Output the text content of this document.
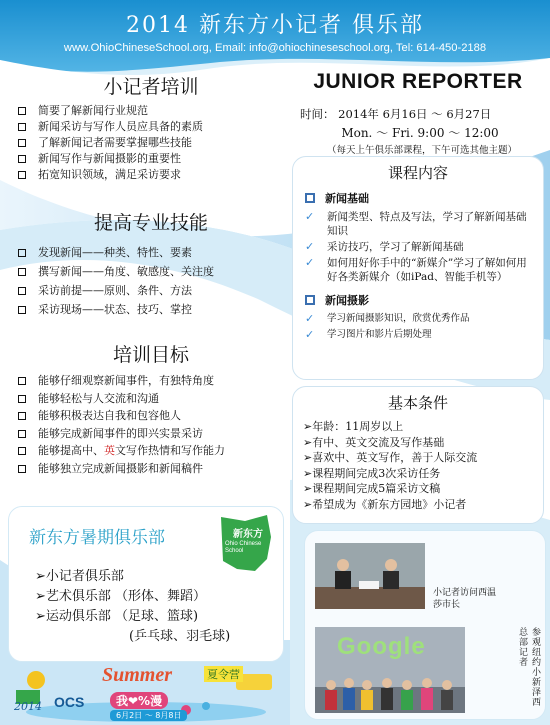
2014 新东方小记者 俱乐部
www.OhioChineseSchool.org, Email: info@ohiochineseschool.org, Tel: 614-450-2188
小记者培训
简要了解新闻行业规范
新闻采访与写作人员应具备的素质
了解新闻记者需要掌握哪些技能
新闻写作与新闻摄影的重要性
拓宽知识领域，满足采访要求
提高专业技能
发现新闻——种类、特性、要素
撰写新闻——角度、敏感度、关注度
采访前提——原则、条件、方法
采访现场——状态、技巧、掌控
培训目标
能够仔细观察新闻事件，有独特角度
能够轻松与人交流和沟通
能够积极表达自我和包容他人
能够完成新闻事件的即兴实景采访
能够提高中、英文写作热情和写作能力
能够独立完成新闻摄影和新闻稿件
JUNIOR REPORTER
时间： 2014年 6月16日 ～ 6月27日
Mon. ～ Fri. 9:00 ～ 12:00
（每天上午俱乐部课程，下午可选其他主题）
课程内容
新闻基础
✓	新闻类型、特点及写法，学习了解新闻基础知识
✓	采访技巧，学习了解新闻基础
✓	如何用好你手中的“新媒介”学习了解如何用好各类新媒介（如iPad、智能手机等）
新闻摄影
✓	学习新闻摄影知识，欣赏优秀作品
✓	学习图片和影片后期处理
基本条件
➢年龄：11周岁以上
➢有中、英文交流及写作基础
➢喜欢中、英文写作，善于人际交流
➢课程期间完成3次采访任务
➢课程期间完成5篇采访文稿
➢希望成为《新东方园地》小记者
新东方暑期俱乐部	新东方
Ohio Chinese School
➢小记者俱乐部
➢艺术俱乐部 （形体、舞蹈）
➢运动俱乐部 （足球、篮球)
(乒乓球、羽毛球)
Summer	夏令营
2014 OCS	我❤%漫
6月2日 ～ 8月8日
小记者访问西温莎市长
Google	参观纽约小新泽西总部记者
